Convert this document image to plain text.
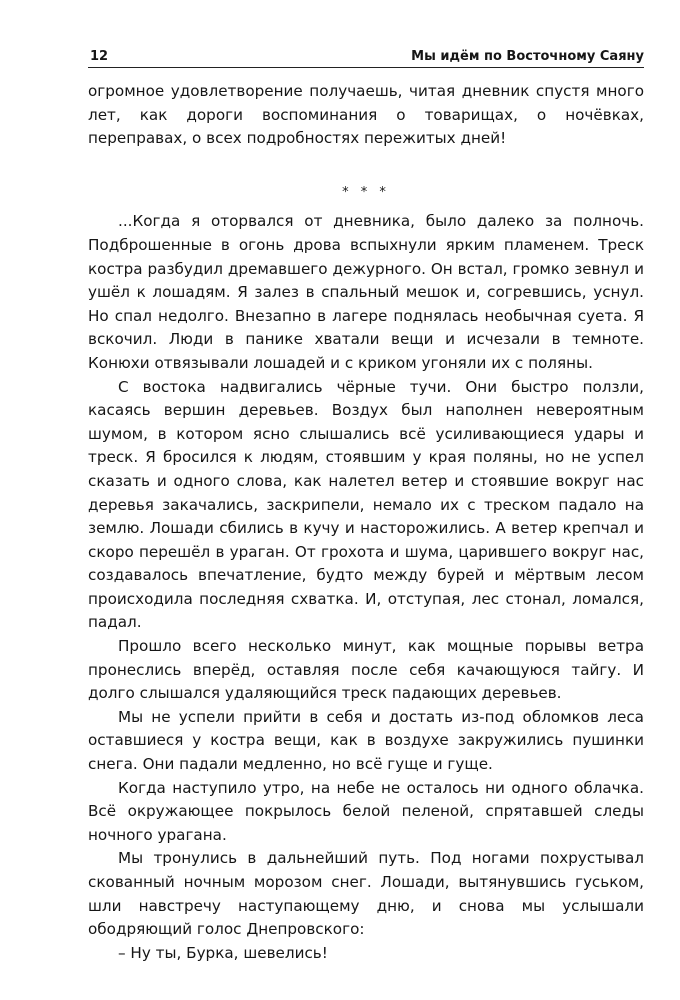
12	Мы идём по Восточному Саяну

огромное удовлетворение получаешь, читая дневник спустя много лет, как дороги воспоминания о товарищах, о ночёвках, переправах, о всех подробностях пережитых дней!

* * *

...Когда я оторвался от дневника, было далеко за полночь. Подброшенные в огонь дрова вспыхнули ярким пламенем. Треск костра разбудил дремавшего дежурного. Он встал, громко зевнул и ушёл к лошадям. Я залез в спальный мешок и, согревшись, уснул. Но спал недолго. Внезапно в лагере поднялась необычная суета. Я вскочил. Люди в панике хватали вещи и исчезали в темноте. Конюхи отвязывали лошадей и с криком угоняли их с поляны.

С востока надвигались чёрные тучи. Они быстро ползли, касаясь вершин деревьев. Воздух был наполнен невероятным шумом, в котором ясно слышались всё усиливающиеся удары и треск. Я бросился к людям, стоявшим у края поляны, но не успел сказать и одного слова, как налетел ветер и стоявшие вокруг нас деревья закачались, заскрипели, немало их с треском падало на землю. Лошади сбились в кучу и насторожились. А ветер крепчал и скоро перешёл в ураган. От грохота и шума, царившего вокруг нас, создавалось впечатление, будто между бурей и мёртвым лесом происходила последняя схватка. И, отступая, лес стонал, ломался, падал.

Прошло всего несколько минут, как мощные порывы ветра пронеслись вперёд, оставляя после себя качающуюся тайгу. И долго слышался удаляющийся треск падающих деревьев.

Мы не успели прийти в себя и достать из-под обломков леса оставшиеся у костра вещи, как в воздухе закружились пушинки снега. Они падали медленно, но всё гуще и гуще.

Когда наступило утро, на небе не осталось ни одного облачка. Всё окружающее покрылось белой пеленой, спрятавшей следы ночного урагана.

Мы тронулись в дальнейший путь. Под ногами похрустывал скованный ночным морозом снег. Лошади, вытянувшись гуськом, шли навстречу наступающему дню, и снова мы услышали ободряющий голос Днепровского:

– Ну ты, Бурка, шевелись!
